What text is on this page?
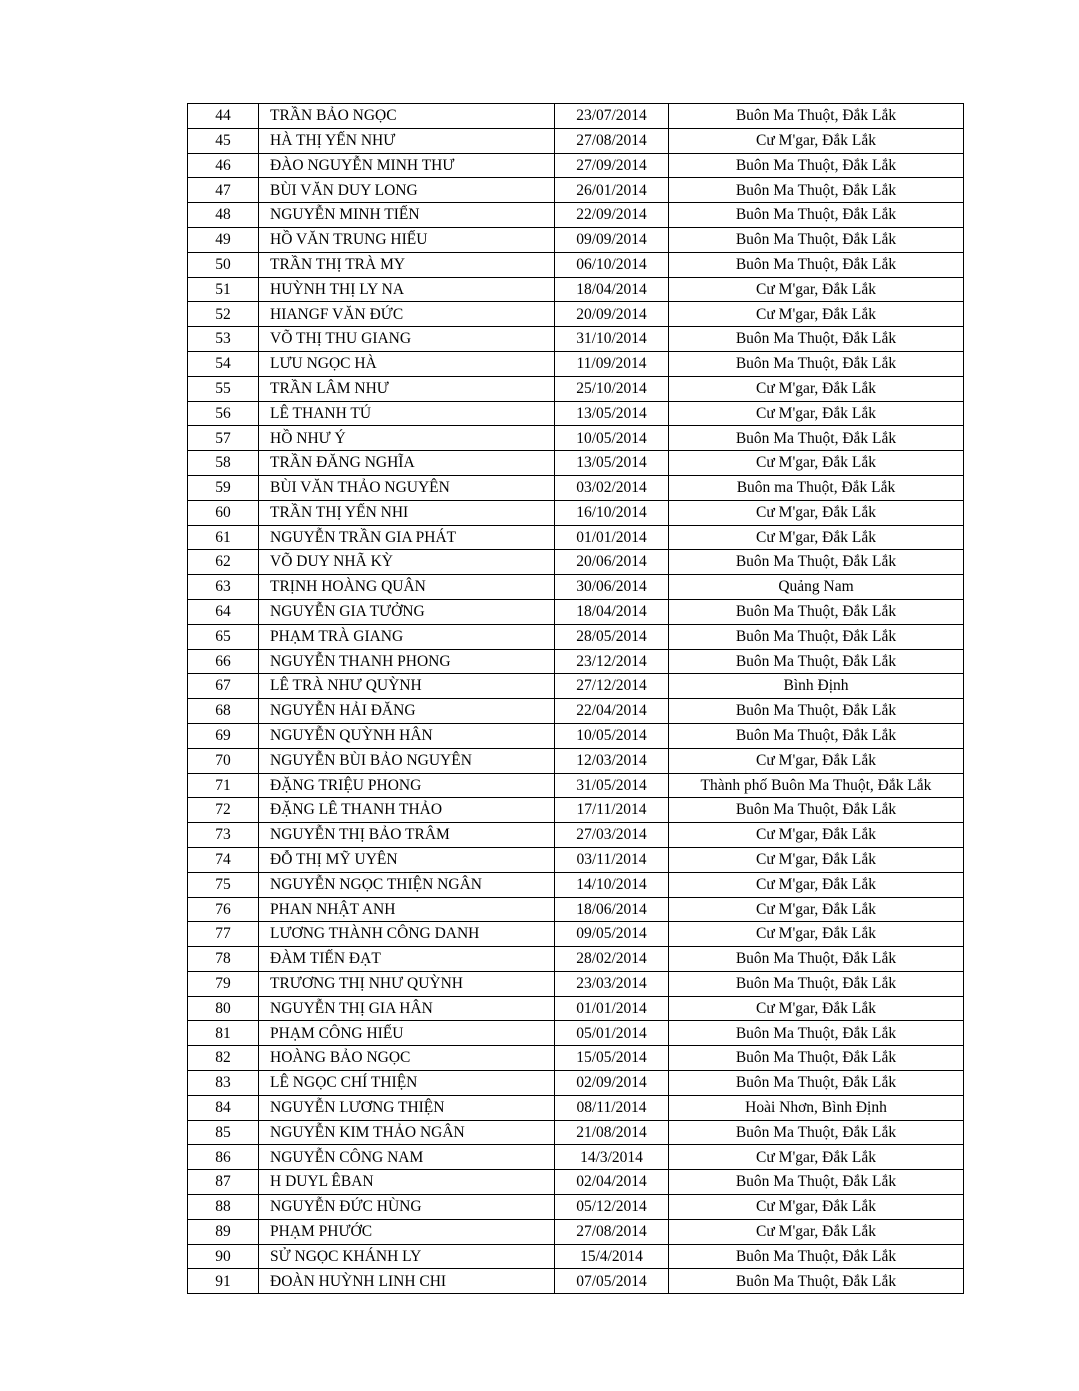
44	TRẦN BẢO NGỌC	23/07/2014	Buôn Ma Thuột, Đắk Lắk
45	HÀ THỊ YẾN NHƯ	27/08/2014	Cư M'gar, Đắk Lắk
46	ĐÀO NGUYỄN MINH THƯ	27/09/2014	Buôn Ma Thuột, Đắk Lắk
47	BÙI VĂN DUY LONG	26/01/2014	Buôn Ma Thuột, Đắk Lắk
48	NGUYỄN MINH TIẾN	22/09/2014	Buôn Ma Thuột, Đắk Lắk
49	HỒ VĂN TRUNG HIẾU	09/09/2014	Buôn Ma Thuột, Đắk Lắk
50	TRẦN THỊ TRÀ MY	06/10/2014	Buôn Ma Thuột, Đắk Lắk
51	HUỲNH THỊ LY NA	18/04/2014	Cư M'gar, Đắk Lắk
52	HIANGF VĂN ĐỨC	20/09/2014	Cư M'gar, Đắk Lắk
53	VÕ THỊ THU GIANG	31/10/2014	Buôn Ma Thuột, Đắk Lắk
54	LƯU NGỌC HÀ	11/09/2014	Buôn Ma Thuột, Đắk Lắk
55	TRẦN LÂM NHƯ	25/10/2014	Cư M'gar, Đắk Lắk
56	LÊ THANH TÚ	13/05/2014	Cư M'gar, Đắk Lắk
57	HỒ NHƯ Ý	10/05/2014	Buôn Ma Thuột, Đắk Lắk
58	TRẦN ĐĂNG NGHĨA	13/05/2014	Cư M'gar, Đắk Lắk
59	BÙI VĂN THẢO NGUYÊN	03/02/2014	Buôn ma Thuột, Đắk Lắk
60	TRẦN THỊ YẾN NHI	16/10/2014	Cư M'gar, Đắk Lắk
61	NGUYỄN TRẦN GIA PHÁT	01/01/2014	Cư M'gar, Đắk Lắk
62	VÕ DUY NHÃ KỲ	20/06/2014	Buôn Ma Thuột, Đắk Lắk
63	TRỊNH HOÀNG QUÂN	30/06/2014	Quảng Nam
64	NGUYỄN GIA TƯỞNG	18/04/2014	Buôn Ma Thuột, Đắk Lắk
65	PHẠM TRÀ GIANG	28/05/2014	Buôn Ma Thuột, Đắk Lắk
66	NGUYỄN THANH PHONG	23/12/2014	Buôn Ma Thuột, Đắk Lắk
67	LÊ TRÀ NHƯ QUỲNH	27/12/2014	Bình Định
68	NGUYỄN HẢI ĐĂNG	22/04/2014	Buôn Ma Thuột, Đắk Lắk
69	NGUYỄN QUỲNH HÂN	10/05/2014	Buôn Ma Thuột, Đắk Lắk
70	NGUYỄN BÙI BẢO NGUYÊN	12/03/2014	Cư M'gar, Đắk Lắk
71	ĐẶNG TRIỆU PHONG	31/05/2014	Thành phố Buôn Ma Thuột, Đắk Lắk
72	ĐẶNG LÊ THANH THẢO	17/11/2014	Buôn Ma Thuột, Đắk Lắk
73	NGUYỄN THỊ BẢO TRÂM	27/03/2014	Cư M'gar, Đắk Lắk
74	ĐỖ THỊ MỸ UYÊN	03/11/2014	Cư M'gar, Đắk Lắk
75	NGUYỄN NGỌC THIỆN NGÂN	14/10/2014	Cư M'gar, Đắk Lắk
76	PHAN NHẬT ANH	18/06/2014	Cư M'gar, Đắk Lắk
77	LƯƠNG THÀNH CÔNG DANH	09/05/2014	Cư M'gar, Đắk Lắk
78	ĐÀM TIẾN ĐẠT	28/02/2014	Buôn Ma Thuột, Đắk Lắk
79	TRƯƠNG THỊ NHƯ QUỲNH	23/03/2014	Buôn Ma Thuột, Đắk Lắk
80	NGUYỄN THỊ GIA HÂN	01/01/2014	Cư M'gar, Đắk Lắk
81	PHẠM CÔNG HIẾU	05/01/2014	Buôn Ma Thuột, Đắk Lắk
82	HOÀNG BẢO NGỌC	15/05/2014	Buôn Ma Thuột, Đắk Lắk
83	LÊ NGỌC CHÍ THIỆN	02/09/2014	Buôn Ma Thuột, Đắk Lắk
84	NGUYỄN LƯƠNG THIỆN	08/11/2014	Hoài Nhơn, Bình Định
85	NGUYỄN KIM THẢO NGÂN	21/08/2014	Buôn Ma Thuột, Đắk Lắk
86	NGUYỄN CÔNG NAM	14/3/2014	Cư M'gar, Đắk Lắk
87	H DUYL ÊBAN	02/04/2014	Buôn Ma Thuột, Đắk Lắk
88	NGUYỄN ĐỨC HÙNG	05/12/2014	Cư M'gar, Đắk Lắk
89	PHẠM PHƯỚC	27/08/2014	Cư M'gar, Đắk Lắk
90	SỬ NGỌC KHÁNH LY	15/4/2014	Buôn Ma Thuột, Đắk Lắk
91	ĐOÀN HUỲNH LINH CHI	07/05/2014	Buôn Ma Thuột, Đắk Lắk
